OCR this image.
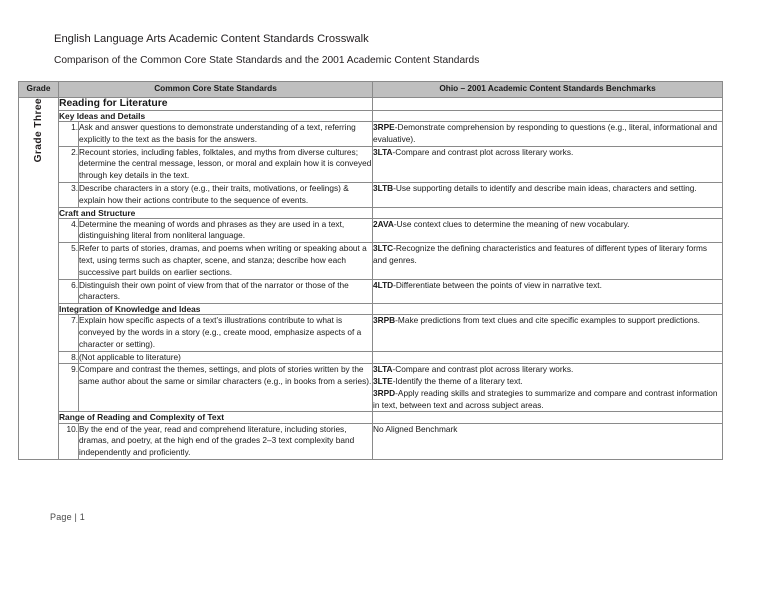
English Language Arts Academic Content Standards Crosswalk
Comparison of the Common Core State Standards and the 2001 Academic Content Standards
Grade	Common Core State Standards		Ohio – 2001 Academic Content Standards Benchmarks
Grade Three	Reading for Literature		
	Key Ideas and Details		
	1.	Ask and answer questions to demonstrate understanding of a text, referring explicitly to the text as the basis for the answers.	3RPE-Demonstrate comprehension by responding to questions (e.g., literal, informational and evaluative).

	2.	Recount stories, including fables, folktales, and myths from diverse cultures; determine the central message, lesson, or moral and explain how it is conveyed through key details in the text.	3LTA-Compare and contrast plot across literary works.

	3.	Describe characters in a story (e.g., their traits, motivations, or feelings) & explain how their actions contribute to the sequence of events.	3LTB-Use supporting details to identify and describe main ideas, characters and setting.

	Craft and Structure		
	4.	Determine the meaning of words and phrases as they are used in a text, distinguishing literal from nonliteral language.	2AVA-Use context clues to determine the meaning of new vocabulary.

	5.	Refer to parts of stories, dramas, and poems when writing or speaking about a text, using terms such as chapter, scene, and stanza; describe how each successive part builds on earlier sections.	3LTC-Recognize the defining characteristics and features of different types of literary forms and genres.

	6.	Distinguish their own point of view from that of the narrator or those of the characters.	4LTD-Differentiate between the points of view in narrative text.

	Integration of Knowledge and Ideas		
	7.	Explain how specific aspects of a text’s illustrations contribute to what is conveyed by the words in a story (e.g., create mood, emphasize aspects of a character or setting).	3RPB-Make predictions from text clues and cite specific examples to support predictions.

	8.	(Not applicable to literature)	
	9.	Compare and contrast the themes, settings, and plots of stories written by the same author about the same or similar characters (e.g., in books from a series).	3LTA-Compare and contrast plot across literary works.
3LTE-Identify the theme of a literary text.
3RPD-Apply reading skills and strategies to summarize and compare and contrast information in text, between text and across subject areas.

	Range of Reading and Complexity of Text		
	10.	By the end of the year, read and comprehend literature, including stories, dramas, and poetry, at the high end of the grades 2–3 text complexity band independently and proficiently.	No Aligned Benchmark
Page | 1
